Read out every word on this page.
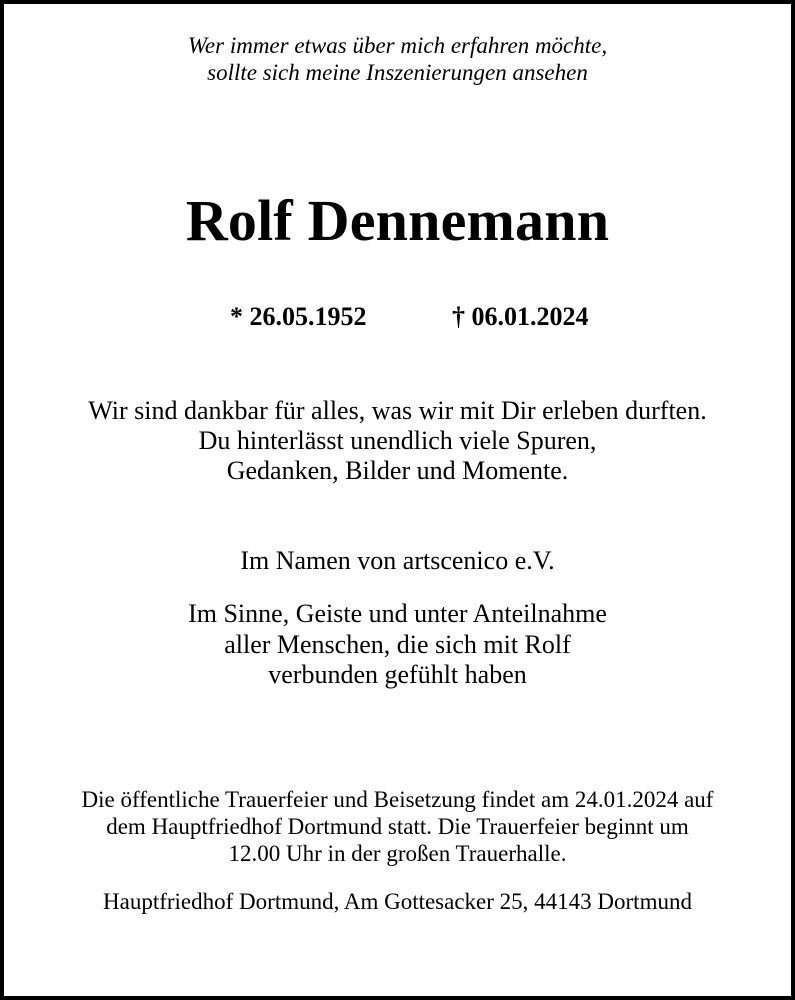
Wer immer etwas über mich erfahren möchte,

sollte sich meine Inszenierungen ansehen

Rolf Dennemann
* 26.05.1952	† 06.01.2024

Wir sind dankbar für alles, was wir mit Dir erleben durften.

Du hinterlässt unendlich viele Spuren,

Gedanken, Bilder und Momente.

Im Namen von artscenico e.V.

Im Sinne, Geiste und unter Anteilnahme

aller Menschen, die sich mit Rolf

verbunden gefühlt haben

Die öffentliche Trauerfeier und Beisetzung findet am 24.01.2024 auf

dem Hauptfriedhof Dortmund statt. Die Trauerfeier beginnt um

12.00 Uhr in der großen Trauerhalle.

Hauptfriedhof Dortmund, Am Gottesacker 25, 44143 Dortmund
